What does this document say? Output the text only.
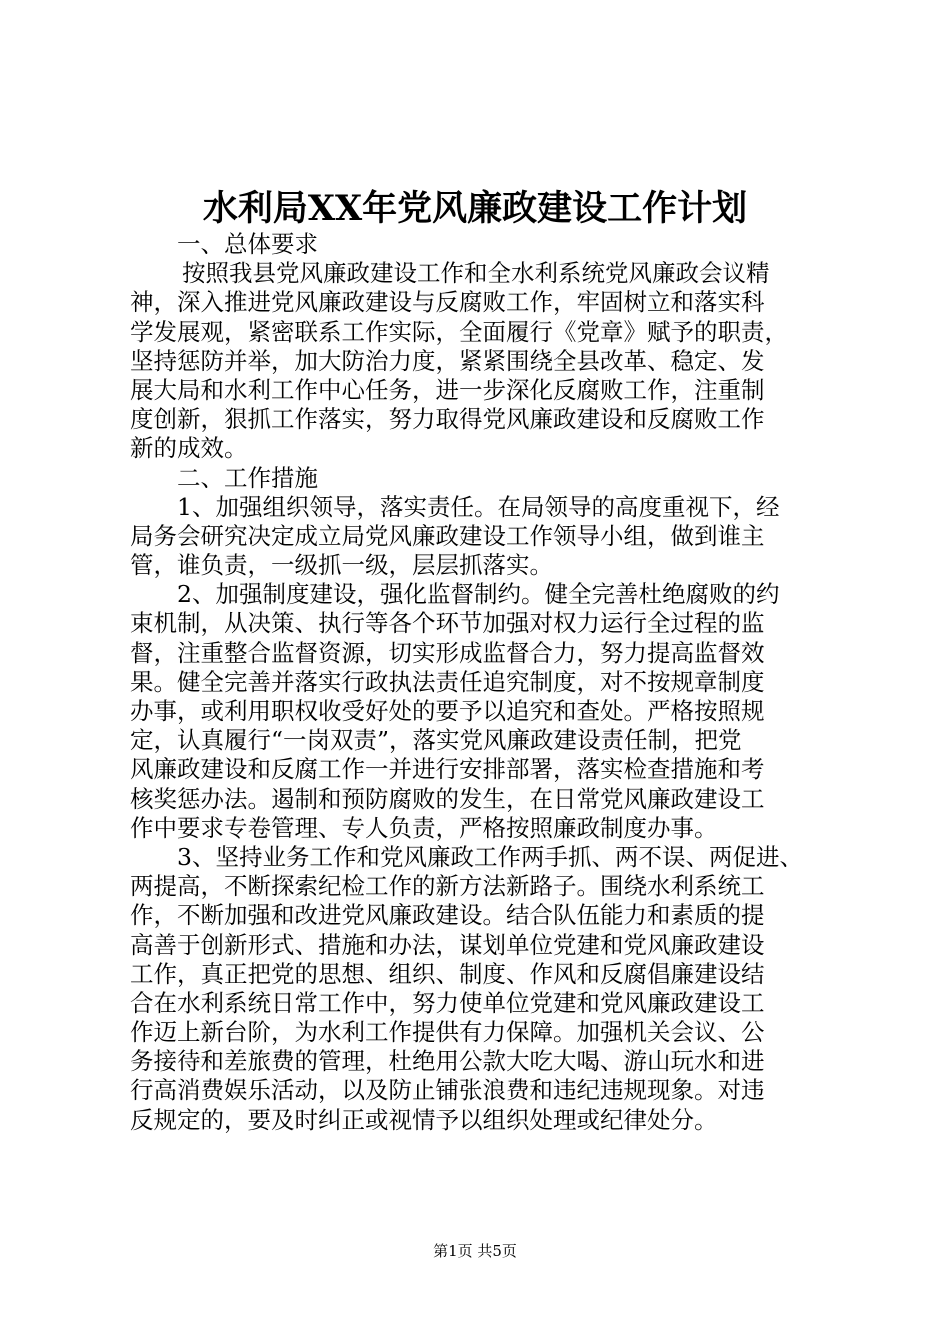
水利局XX年党风廉政建设工作计划
一、总体要求
按照我县党风廉政建设工作和全水利系统党风廉政会议精
神，深入推进党风廉政建设与反腐败工作，牢固树立和落实科
学发展观，紧密联系工作实际，全面履行《党章》赋予的职责，
坚持惩防并举，加大防治力度，紧紧围绕全县改革、稳定、发
展大局和水利工作中心任务，进一步深化反腐败工作，注重制
度创新，狠抓工作落实，努力取得党风廉政建设和反腐败工作
新的成效。
二、工作措施
1、加强组织领导，落实责任。在局领导的高度重视下，经
局务会研究决定成立局党风廉政建设工作领导小组，做到谁主
管，谁负责，一级抓一级，层层抓落实。
2、加强制度建设，强化监督制约。健全完善杜绝腐败的约
束机制，从决策、执行等各个环节加强对权力运行全过程的监
督，注重整合监督资源，切实形成监督合力，努力提高监督效
果。健全完善并落实行政执法责任追究制度，对不按规章制度
办事，或利用职权收受好处的要予以追究和查处。严格按照规
定，认真履行“一岗双责”，落实党风廉政建设责任制，把党
风廉政建设和反腐工作一并进行安排部署，落实检查措施和考
核奖惩办法。遏制和预防腐败的发生，在日常党风廉政建设工
作中要求专卷管理、专人负责，严格按照廉政制度办事。
3、坚持业务工作和党风廉政工作两手抓、两不误、两促进、
两提高，不断探索纪检工作的新方法新路子。围绕水利系统工
作，不断加强和改进党风廉政建设。结合队伍能力和素质的提
高善于创新形式、措施和办法，谋划单位党建和党风廉政建设
工作，真正把党的思想、组织、制度、作风和反腐倡廉建设结
合在水利系统日常工作中，努力使单位党建和党风廉政建设工
作迈上新台阶，为水利工作提供有力保障。加强机关会议、公
务接待和差旅费的管理，杜绝用公款大吃大喝、游山玩水和进
行高消费娱乐活动，以及防止铺张浪费和违纪违规现象。对违
反规定的，要及时纠正或视情予以组织处理或纪律处分。
第1页 共5页
